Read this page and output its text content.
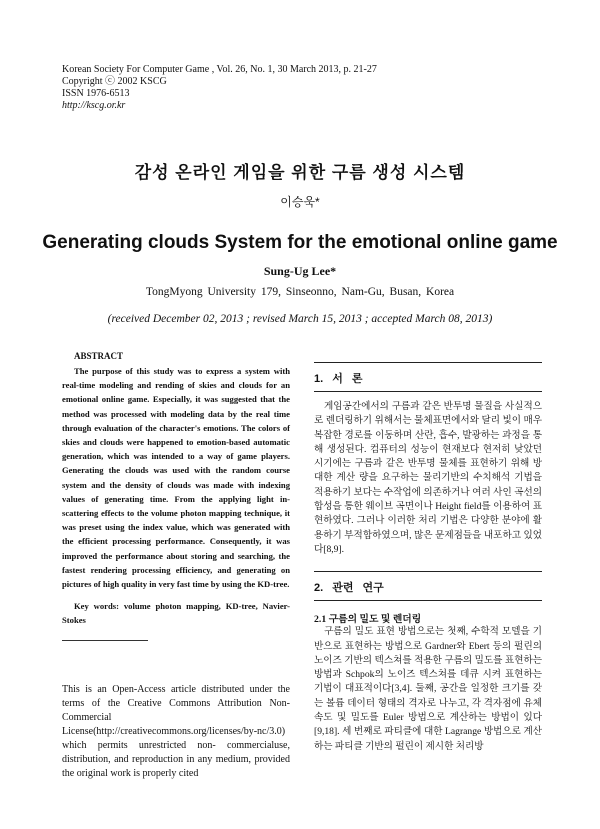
Korean Society For Computer Game , Vol. 26, No. 1, 30 March 2013, p. 21-27
Copyright ⓒ 2002 KSCG
ISSN 1976-6513
http://kscg.or.kr
감성 온라인 게임을 위한 구름 생성 시스템
이승욱*
Generating clouds System for the emotional online game
Sung-Ug Lee*
TongMyong University 179, Sinseonno, Nam-Gu, Busan, Korea
(received December 02, 2013 ; revised March 15, 2013 ; accepted March 08, 2013)
ABSTRACT

The purpose of this study was to express a system with real-time modeling and rending of skies and clouds for an emotional online game. Especially, it was suggested that the method was processed with modeling data by the real time through evaluation of the character's emotions. The colors of skies and clouds were happened to emotion-based automatic generation, which was intended to a way of game players. Generating the clouds was used with the random course system and the density of clouds was made with indexing values of generating time. From the applying light in-scattering effects to the volume photon mapping technique, it was preset using the index value, which was generated with the efficient processing performance. Consequently, it was improved the performance about storing and searching, the fastest rendering processing efficiency, and generating on pictures of high quality in very fast time by using the KD-tree.

Key words: volume photon mapping, KD-tree, Navier-Stokes

This is an Open-Access article distributed under the terms of the Creative Commons Attribution Non-Commercial License(http://creativecommons.org/licenses/by-nc/3.0) which permits unrestricted non- commercialuse, distribution, and reproduction in any medium, provided the original work is properly cited

1. 서 론

게임공간에서의 구름과 같은 반투명 물질을 사실적으로 렌더링하기 위해서는 물체표면에서와 달리 빛이 매우 복잡한 경로를 이동하며 산란, 흡수, 발광하는 과정을 통해 생성된다. 컴퓨터의 성능이 현재보다 현저히 낮았던 시기에는 구름과 같은 반투명 물체를 표현하기 위해 방대한 계산 량을 요구하는 물리기반의 수치해석 기법을 적용하기 보다는 수작업에 의존하거나 여러 사인 곡선의 합성을 통한 웨이브 곡면이나 Height field를 이용하여 표현하였다. 그러나 이러한 처리 기법은 다양한 분야에 활용하기 부적합하였으며, 많은 문제점들을 내포하고 있었다[8,9].

2. 관련 연구
2.1 구름의 밀도 및 렌더링

구름의 밀도 표현 방법으로는 첫째, 수학적 모델을 기반으로 표현하는 방법으로 Gardner와 Ebert 등의 펄린의 노이즈 기반의 텍스쳐를 적용한 구름의 밀도를 표현하는 방법과 Schpok의 노이즈 텍스쳐를 데큐 시켜 표현하는 기법이 대표적이다[3,4]. 둘째, 공간을 일정한 크기를 갖는 볼륨 데이터 형태의 격자로 나누고, 각 격자점에 유체 속도 및 밀도를 Euler 방법으로 계산하는 방법이 있다[9,18]. 세 번째로 파티클에 대한 Lagrange 방법으로 계산하는 파티클 기반의 펄린이 제시한 처리방
